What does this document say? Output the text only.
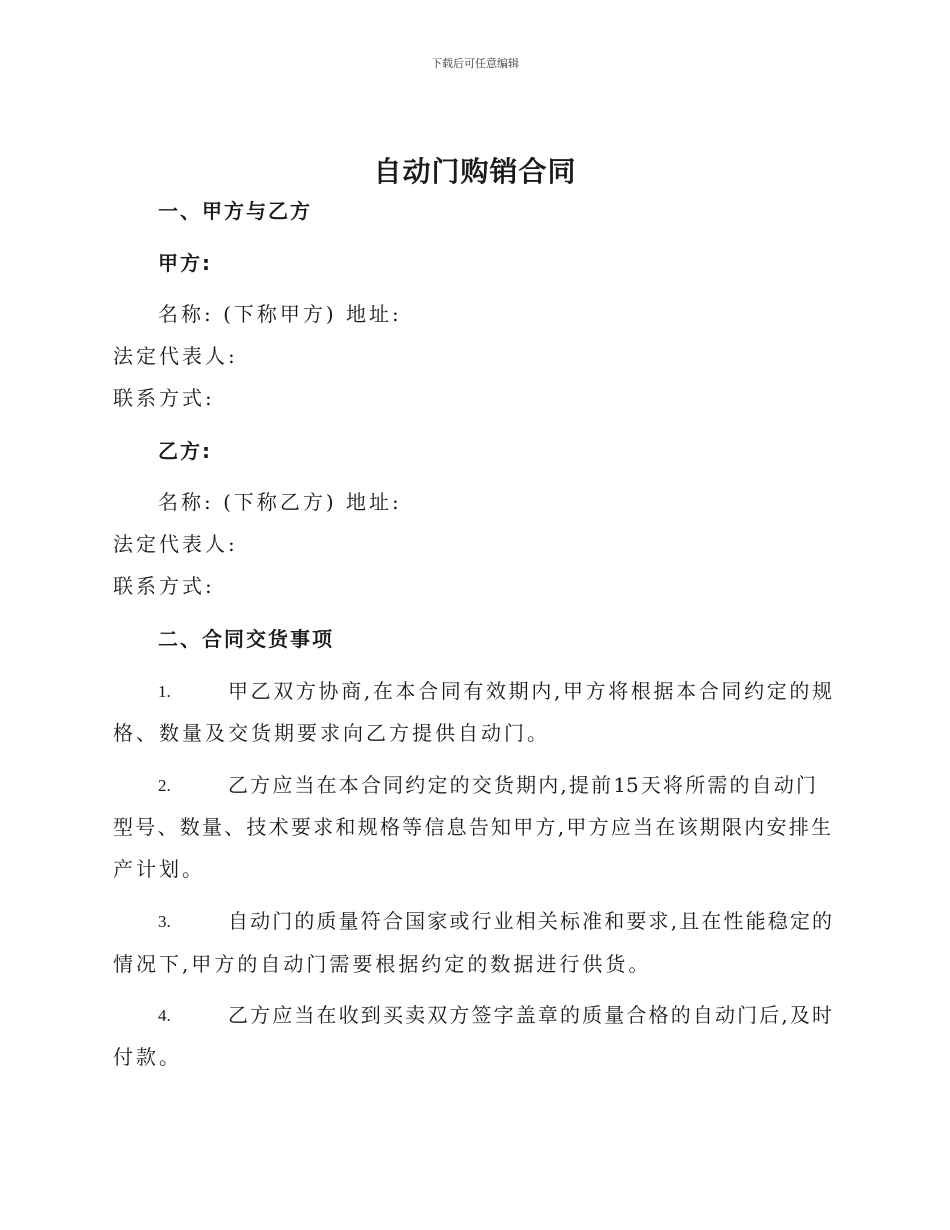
下载后可任意编辑
自动门购销合同
一、甲方与乙方
甲方:
名称: (下称甲方) 地址:
法定代表人:
联系方式:
乙方:
名称: (下称乙方) 地址:
法定代表人:
联系方式:
二、合同交货事项
1.	甲乙双方协商,在本合同有效期内,甲方将根据本合同约定的规
格、数量及交货期要求向乙方提供自动门。
2.	乙方应当在本合同约定的交货期内,提前15天将所需的自动门
型号、数量、技术要求和规格等信息告知甲方,甲方应当在该期限内安排生
产计划。
3.	自动门的质量符合国家或行业相关标准和要求,且在性能稳定的
情况下,甲方的自动门需要根据约定的数据进行供货。
4.	乙方应当在收到买卖双方签字盖章的质量合格的自动门后,及时
付款。
